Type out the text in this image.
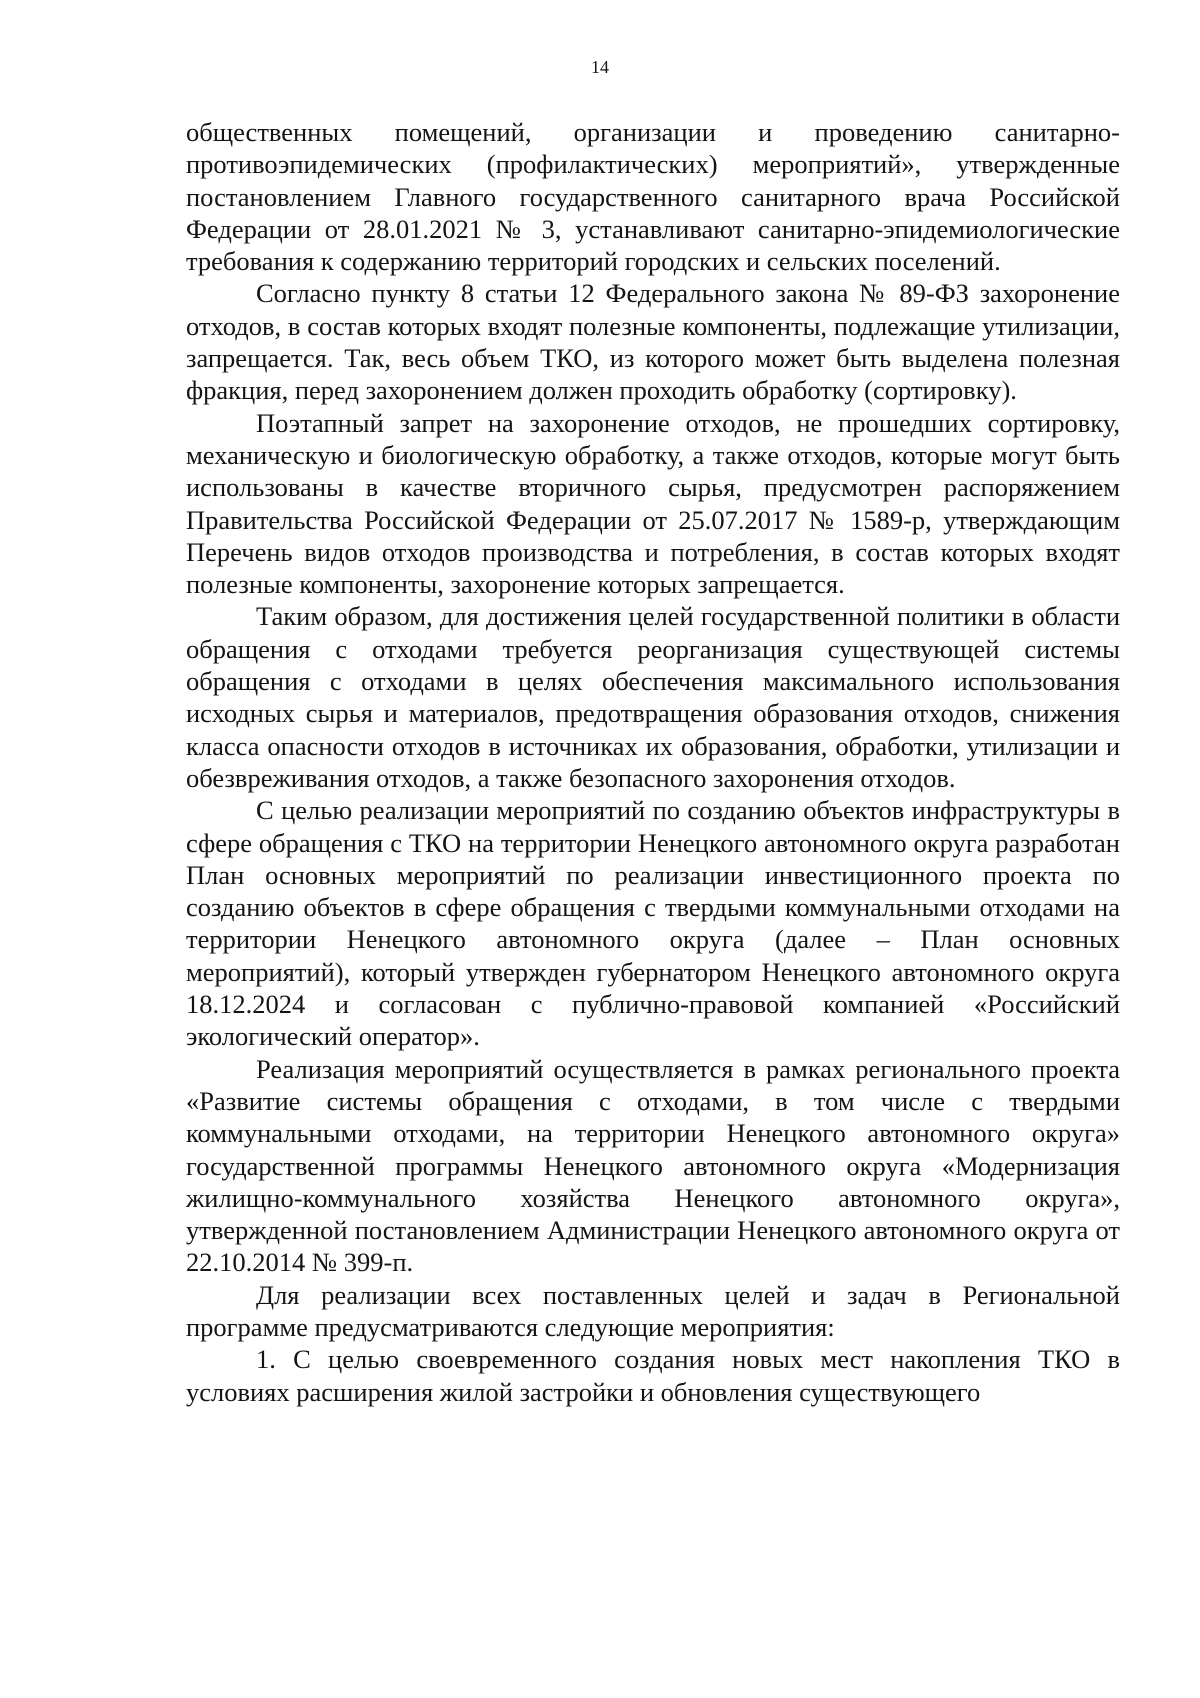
14

общественных помещений, организации и проведению санитарно-противоэпидемических (профилактических) мероприятий», утвержденные постановлением Главного государственного санитарного врача Российской Федерации от 28.01.2021 № 3, устанавливают санитарно-эпидемиологические требования к содержанию территорий городских и сельских поселений.

Согласно пункту 8 статьи 12 Федерального закона № 89-ФЗ захоронение отходов, в состав которых входят полезные компоненты, подлежащие утилизации, запрещается. Так, весь объем ТКО, из которого может быть выделена полезная фракция, перед захоронением должен проходить обработку (сортировку).

Поэтапный запрет на захоронение отходов, не прошедших сортировку, механическую и биологическую обработку, а также отходов, которые могут быть использованы в качестве вторичного сырья, предусмотрен распоряжением Правительства Российской Федерации от 25.07.2017 № 1589-р, утверждающим Перечень видов отходов производства и потребления, в состав которых входят полезные компоненты, захоронение которых запрещается.

Таким образом, для достижения целей государственной политики в области обращения с отходами требуется реорганизация существующей системы обращения с отходами в целях обеспечения максимального использования исходных сырья и материалов, предотвращения образования отходов, снижения класса опасности отходов в источниках их образования, обработки, утилизации и обезвреживания отходов, а также безопасного захоронения отходов.

С целью реализации мероприятий по созданию объектов инфраструктуры в сфере обращения с ТКО на территории Ненецкого автономного округа разработан План основных мероприятий по реализации инвестиционного проекта по созданию объектов в сфере обращения с твердыми коммунальными отходами на территории Ненецкого автономного округа (далее – План основных мероприятий), который утвержден губернатором Ненецкого автономного округа 18.12.2024 и согласован с публично-правовой компанией «Российский экологический оператор».

Реализация мероприятий осуществляется в рамках регионального проекта «Развитие системы обращения с отходами, в том числе с твердыми коммунальными отходами, на территории Ненецкого автономного округа» государственной программы Ненецкого автономного округа «Модернизация жилищно-коммунального хозяйства Ненецкого автономного округа», утвержденной постановлением Администрации Ненецкого автономного округа от 22.10.2014 № 399-п.

Для реализации всех поставленных целей и задач в Региональной программе предусматриваются следующие мероприятия:

1. С целью своевременного создания новых мест накопления ТКО в условиях расширения жилой застройки и обновления существующего
